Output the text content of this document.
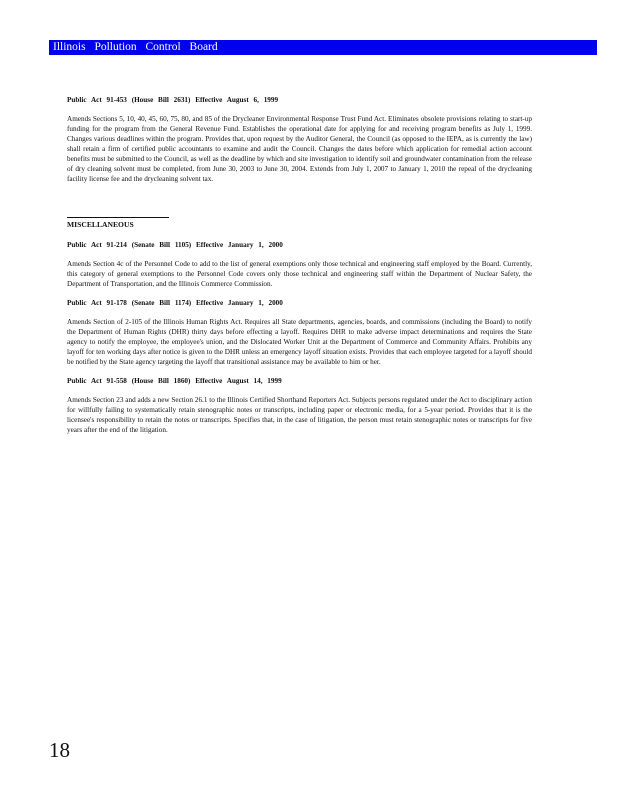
Illinois Pollution Control Board

Public Act 91-453 (House Bill 2631) Effective August 6, 1999

Amends Sections 5, 10, 40, 45, 60, 75, 80, and 85 of the Drycleaner Environmental Response Trust Fund Act. Eliminates obsolete provisions relating to start-up funding for the program from the General Revenue Fund. Establishes the operational date for applying for and receiving program benefits as July 1, 1999. Changes various deadlines within the program. Provides that, upon request by the Auditor General, the Council (as opposed to the IEPA, as is currently the law) shall retain a firm of certified public accountants to examine and audit the Council. Changes the dates before which application for remedial action account benefits must be submitted to the Council, as well as the deadline by which and site investigation to identify soil and groundwater contamination from the release of dry cleaning solvent must be completed, from June 30, 2003 to June 30, 2004. Extends from July 1, 2007 to January 1, 2010 the repeal of the drycleaning facility license fee and the drycleaning solvent tax.

MISCELLANEOUS

Public Act 91-214 (Senate Bill 1105) Effective January 1, 2000

Amends Section 4c of the Personnel Code to add to the list of general exemptions only those technical and engineering staff employed by the Board. Currently, this category of general exemptions to the Personnel Code covers only those technical and engineering staff within the Department of Nuclear Safety, the Department of Transportation, and the Illinois Commerce Commission.

Public Act 91-178 (Senate Bill 1174) Effective January 1, 2000

Amends Section of 2-105 of the Illinois Human Rights Act. Requires all State departments, agencies, boards, and commissions (including the Board) to notify the Department of Human Rights (DHR) thirty days before effecting a layoff. Requires DHR to make adverse impact determinations and requires the State agency to notify the employee, the employee's union, and the Dislocated Worker Unit at the Department of Commerce and Community Affairs. Prohibits any layoff for ten working days after notice is given to the DHR unless an emergency layoff situation exists. Provides that each employee targeted for a layoff should be notified by the State agency targeting the layoff that transitional assistance may be available to him or her.

Public Act 91-558 (House Bill 1860) Effective August 14, 1999

Amends Section 23 and adds a new Section 26.1 to the Illinois Certified Shorthand Reporters Act. Subjects persons regulated under the Act to disciplinary action for willfully failing to systematically retain stenographic notes or transcripts, including paper or electronic media, for a 5-year period. Provides that it is the licensee's responsibility to retain the notes or transcripts. Specifies that, in the case of litigation, the person must retain stenographic notes or transcripts for five years after the end of the litigation.

18
